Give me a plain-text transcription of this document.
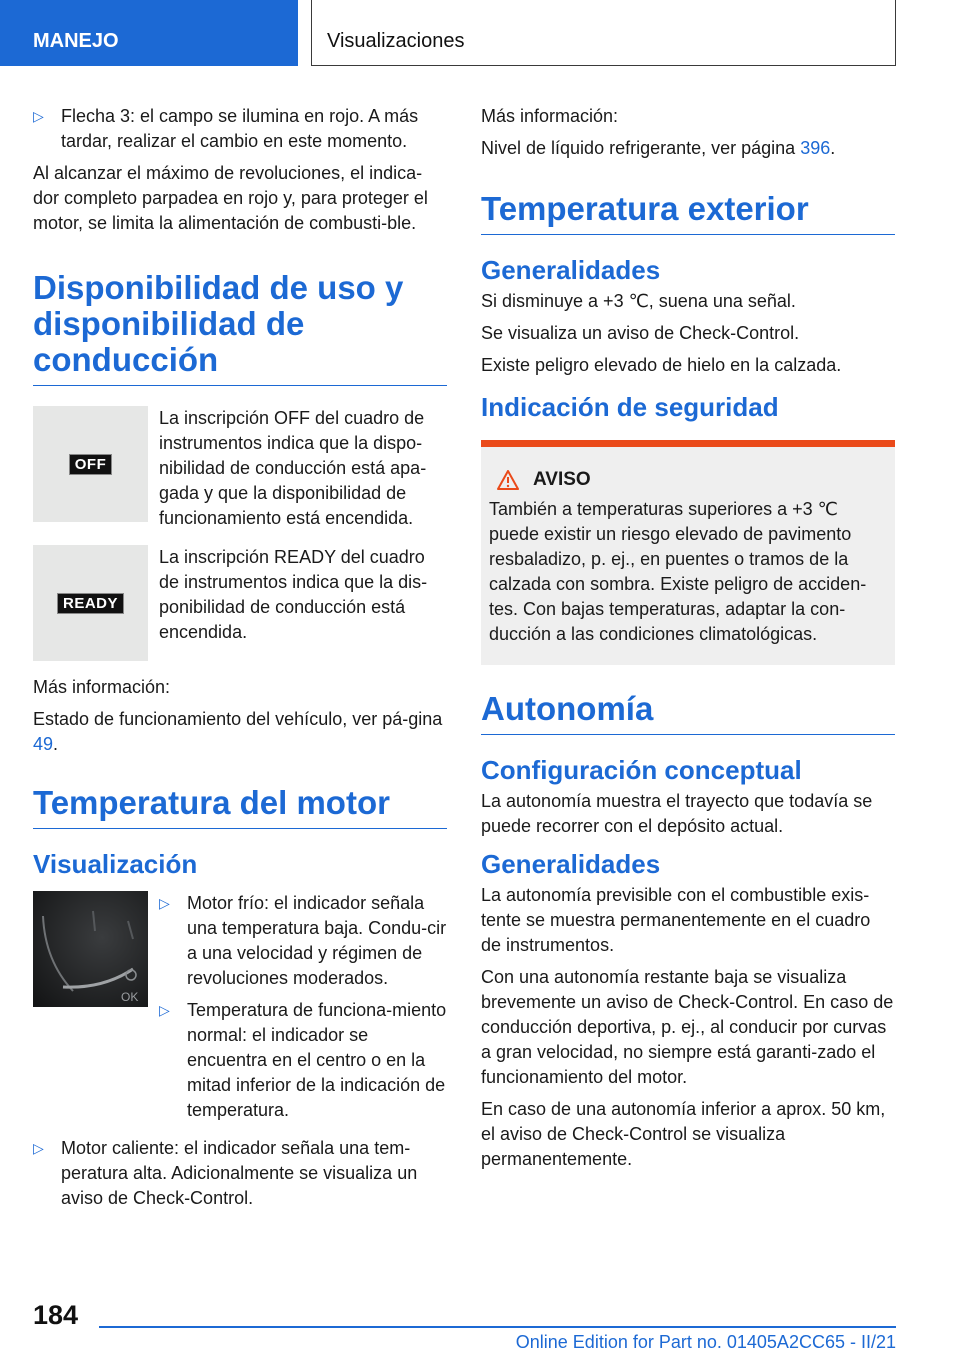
MANEJO	Visualizaciones
▷ Flecha 3: el campo se ilumina en rojo. A más tardar, realizar el cambio en este momento.

Al alcanzar el máximo de revoluciones, el indica-dor completo parpadea en rojo y, para proteger el motor, se limita la alimentación de combusti-ble.

Disponibilidad de uso y disponibilidad de conducción
OFF
La inscripción OFF del cuadro de instrumentos indica que la dispo-nibilidad de conducción está apa-gada y que la disponibilidad de funcionamiento está encendida.
READY
La inscripción READY del cuadro de instrumentos indica que la dis-ponibilidad de conducción está encendida.

Más información:

Estado de funcionamiento del vehículo, ver pá-gina 49.

Temperatura del motor
Visualización
OK
▷ Motor frío: el indicador señala una temperatura baja. Condu-cir a una velocidad y régimen de revoluciones moderados.
▷ Temperatura de funciona-miento normal: el indicador se encuentra en el centro o en la mitad inferior de la indicación de temperatura.
▷ Motor caliente: el indicador señala una tem-peratura alta. Adicionalmente se visualiza un aviso de Check-Control.

Más información:

Nivel de líquido refrigerante, ver página 396.

Temperatura exterior
Generalidades

Si disminuye a +3 ℃, suena una señal.

Se visualiza un aviso de Check-Control.

Existe peligro elevado de hielo en la calzada.

Indicación de seguridad
AVISO

También a temperaturas superiores a +3 ℃ puede existir un riesgo elevado de pavimento resbaladizo, p. ej., en puentes o tramos de la calzada con sombra. Existe peligro de acciden-tes. Con bajas temperaturas, adaptar la con-ducción a las condiciones climatológicas.

Autonomía
Configuración conceptual

La autonomía muestra el trayecto que todavía se puede recorrer con el depósito actual.

Generalidades

La autonomía previsible con el combustible exis-tente se muestra permanentemente en el cuadro de instrumentos.

Con una autonomía restante baja se visualiza brevemente un aviso de Check-Control. En caso de conducción deportiva, p. ej., al conducir por curvas a gran velocidad, no siempre está garanti-zado el funcionamiento del motor.

En caso de una autonomía inferior a aprox. 50 km, el aviso de Check-Control se visualiza permanentemente.

184
Online Edition for Part no. 01405A2CC65 - II/21
